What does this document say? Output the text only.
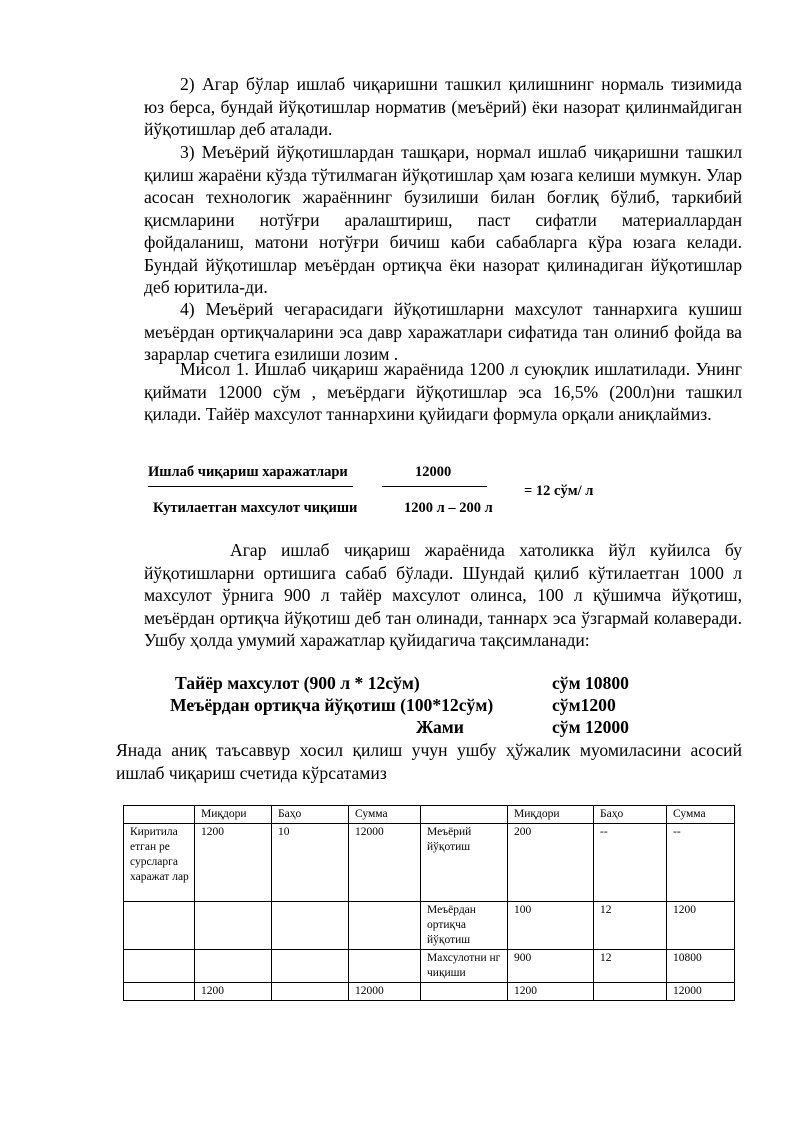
2) Агар бўлар ишлаб чиқаришни ташкил қилишнинг нормаль тизимида юз берса, бундай йўқотишлар норматив (меъёрий) ёки назорат қилинмайдиган йўқотишлар деб аталади.

3) Меъёрий йўқотишлардан ташқари, нормал ишлаб чиқаришни ташкил қилиш жараёни кўзда тўтилмаган йўқотишлар ҳам юзага келиши мумкун. Улар асосан технологик жараённинг бузилиши билан боғлиқ бўлиб, таркибий қисмларини нотўғри аралаштириш, паст сифатли материаллардан фойдаланиш, матони нотўғри бичиш каби сабабларга кўра юзага келади. Бундай йўқотишлар меъёрдан ортиқча ёки назорат қилинадиган йўқотишлар деб юритила-ди.

4) Меъёрий чегарасидаги йўқотишларни махсулот таннархига кушиш меъёрдан ортиқчаларини эса давр харажатлари сифатида тан олиниб фойда ва зарарлар счетига езилиши лозим .

Мисол 1. Ишлаб чиқариш жараёнида 1200 л суюқлик ишлатилади. Унинг қиймати 12000 сўм , меъёрдаги йўқотишлар эса 16,5% (200л)ни ташкил қилади. Тайёр махсулот таннархини қуйидаги формула орқали аниқлаймиз.

Ишлаб чиқариш харажатлари	12000
= 12 сўм/ л
Кутилаетган махсулот чиқиши	1200 л – 200 л

Агар ишлаб чиқариш жараёнида хатоликка йўл куйилса бу йўқотишларни ортишига сабаб бўлади. Шундай қилиб кўтилаетган 1000 л махсулот ўрнига 900 л тайёр махсулот олинса, 100 л қўшимча йўқотиш, меъёрдан ортиқча йўқотиш деб тан олинади, таннарх эса ўзгармай колаверади. Ушбу ҳолда умумий харажатлар қуйидагича тақсимланади:

Тайёр махсулот (900 л * 12сўм)	сўм 10800
Меъёрдан ортиқча йўқотиш (100*12сўм)	сўм1200
Жами	сўм 12000

Янада аниқ таъсаввур хосил қилиш учун ушбу ҳўжалик муомиласини асосий ишлаб чиқариш счетида кўрсатамиз

	Миқдори	Баҳо	Сумма		Миқдори	Баҳо	Сумма
Киритила етган ре сурсларга харажат лар	1200	10	12000	Меъёрий йўқотиш	200	--	--
				Меъёрдан ортиқча йўқотиш	100	12	1200
				Махсулотни нг чиқиши	900	12	10800
	1200		12000		1200		12000
